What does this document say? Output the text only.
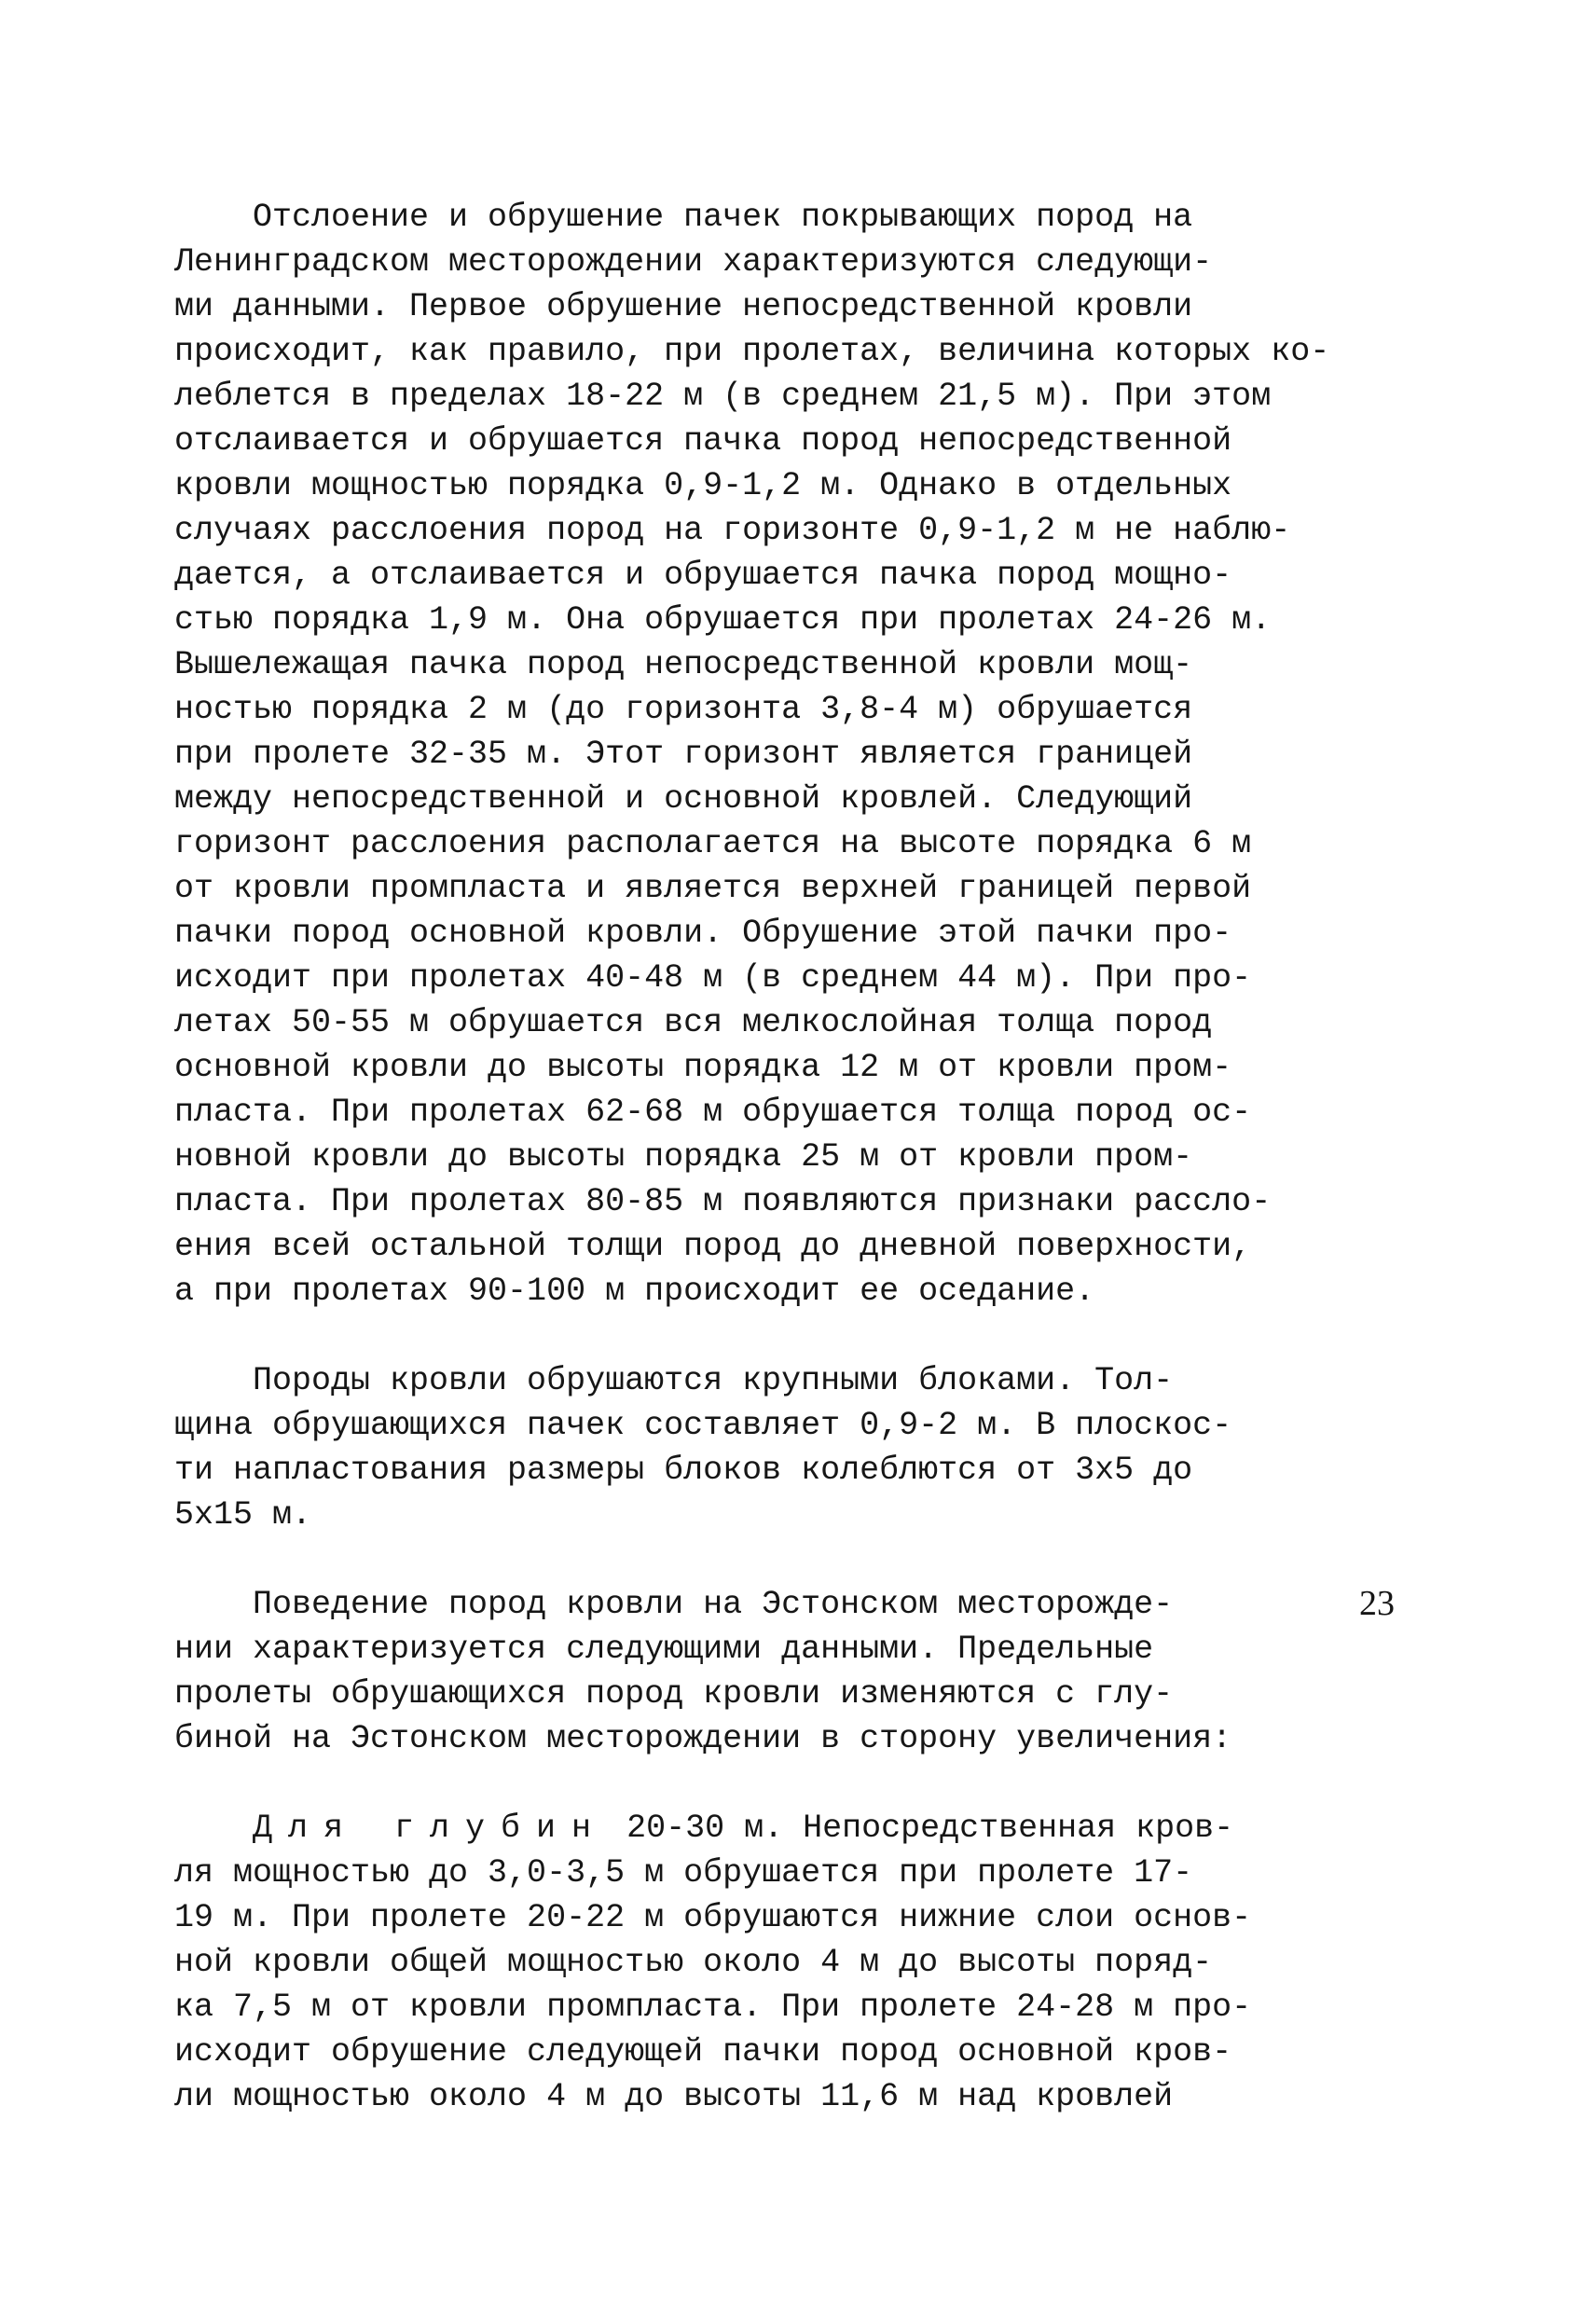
Отслоение и обрушение пачек покрывающих пород на
Ленинградском месторождении характеризуются следующи-
ми данными. Первое обрушение непосредственной кровли
происходит, как правило, при пролетах, величина которых ко-
леблется в пределах 18-22 м (в среднем 21,5 м). При этом
отслаивается и обрушается пачка пород непосредственной
кровли мощностью порядка 0,9-1,2 м. Однако в отдельных
случаях расслоения пород на горизонте 0,9-1,2 м не наблю-
дается, а отслаивается и обрушается пачка пород мощно-
стью порядка 1,9 м. Она обрушается при пролетах 24-26 м.
Вышележащая пачка пород непосредственной кровли мощ-
ностью порядка 2 м (до горизонта 3,8-4 м) обрушается
при пролете 32-35 м. Этот горизонт является границей
между непосредственной и основной кровлей. Следующий
горизонт расслоения располагается на высоте порядка 6 м
от кровли промпласта и является верхней границей первой
пачки пород основной кровли. Обрушение этой пачки про-
исходит при пролетах 40-48 м (в среднем 44 м). При про-
летах 50-55 м обрушается вся мелкослойная толща пород
основной кровли до высоты порядка 12 м от кровли пром-
пласта. При пролетах 62-68 м обрушается толща пород ос-
новной кровли до высоты порядка 25 м от кровли пром-
пласта. При пролетах 80-85 м появляются признаки рассло-
ения всей остальной толщи пород до дневной поверхности,
а при пролетах 90-100 м происходит ее оседание.

Породы кровли обрушаются крупными блоками. Тол-
щина обрушающихся пачек составляет 0,9-2 м. В плоскос-
ти напластования размеры блоков колеблются от 3х5 до
5х15 м.

Поведение пород кровли на Эстонском месторожде-
нии характеризуется следующими данными. Предельные
пролеты обрушающихся пород кровли изменяются с глу-
биной на Эстонском месторождении в сторону увеличения:

Для глубин 20-30 м. Непосредственная кров-
ля мощностью до 3,0-3,5 м обрушается при пролете 17-
19 м. При пролете 20-22 м обрушаются нижние слои основ-
ной кровли общей мощностью около 4 м до высоты поряд-
ка 7,5 м от кровли промпласта. При пролете 24-28 м про-
исходит обрушение следующей пачки пород основной кров-
ли мощностью около 4 м до высоты 11,6 м над кровлей

23
